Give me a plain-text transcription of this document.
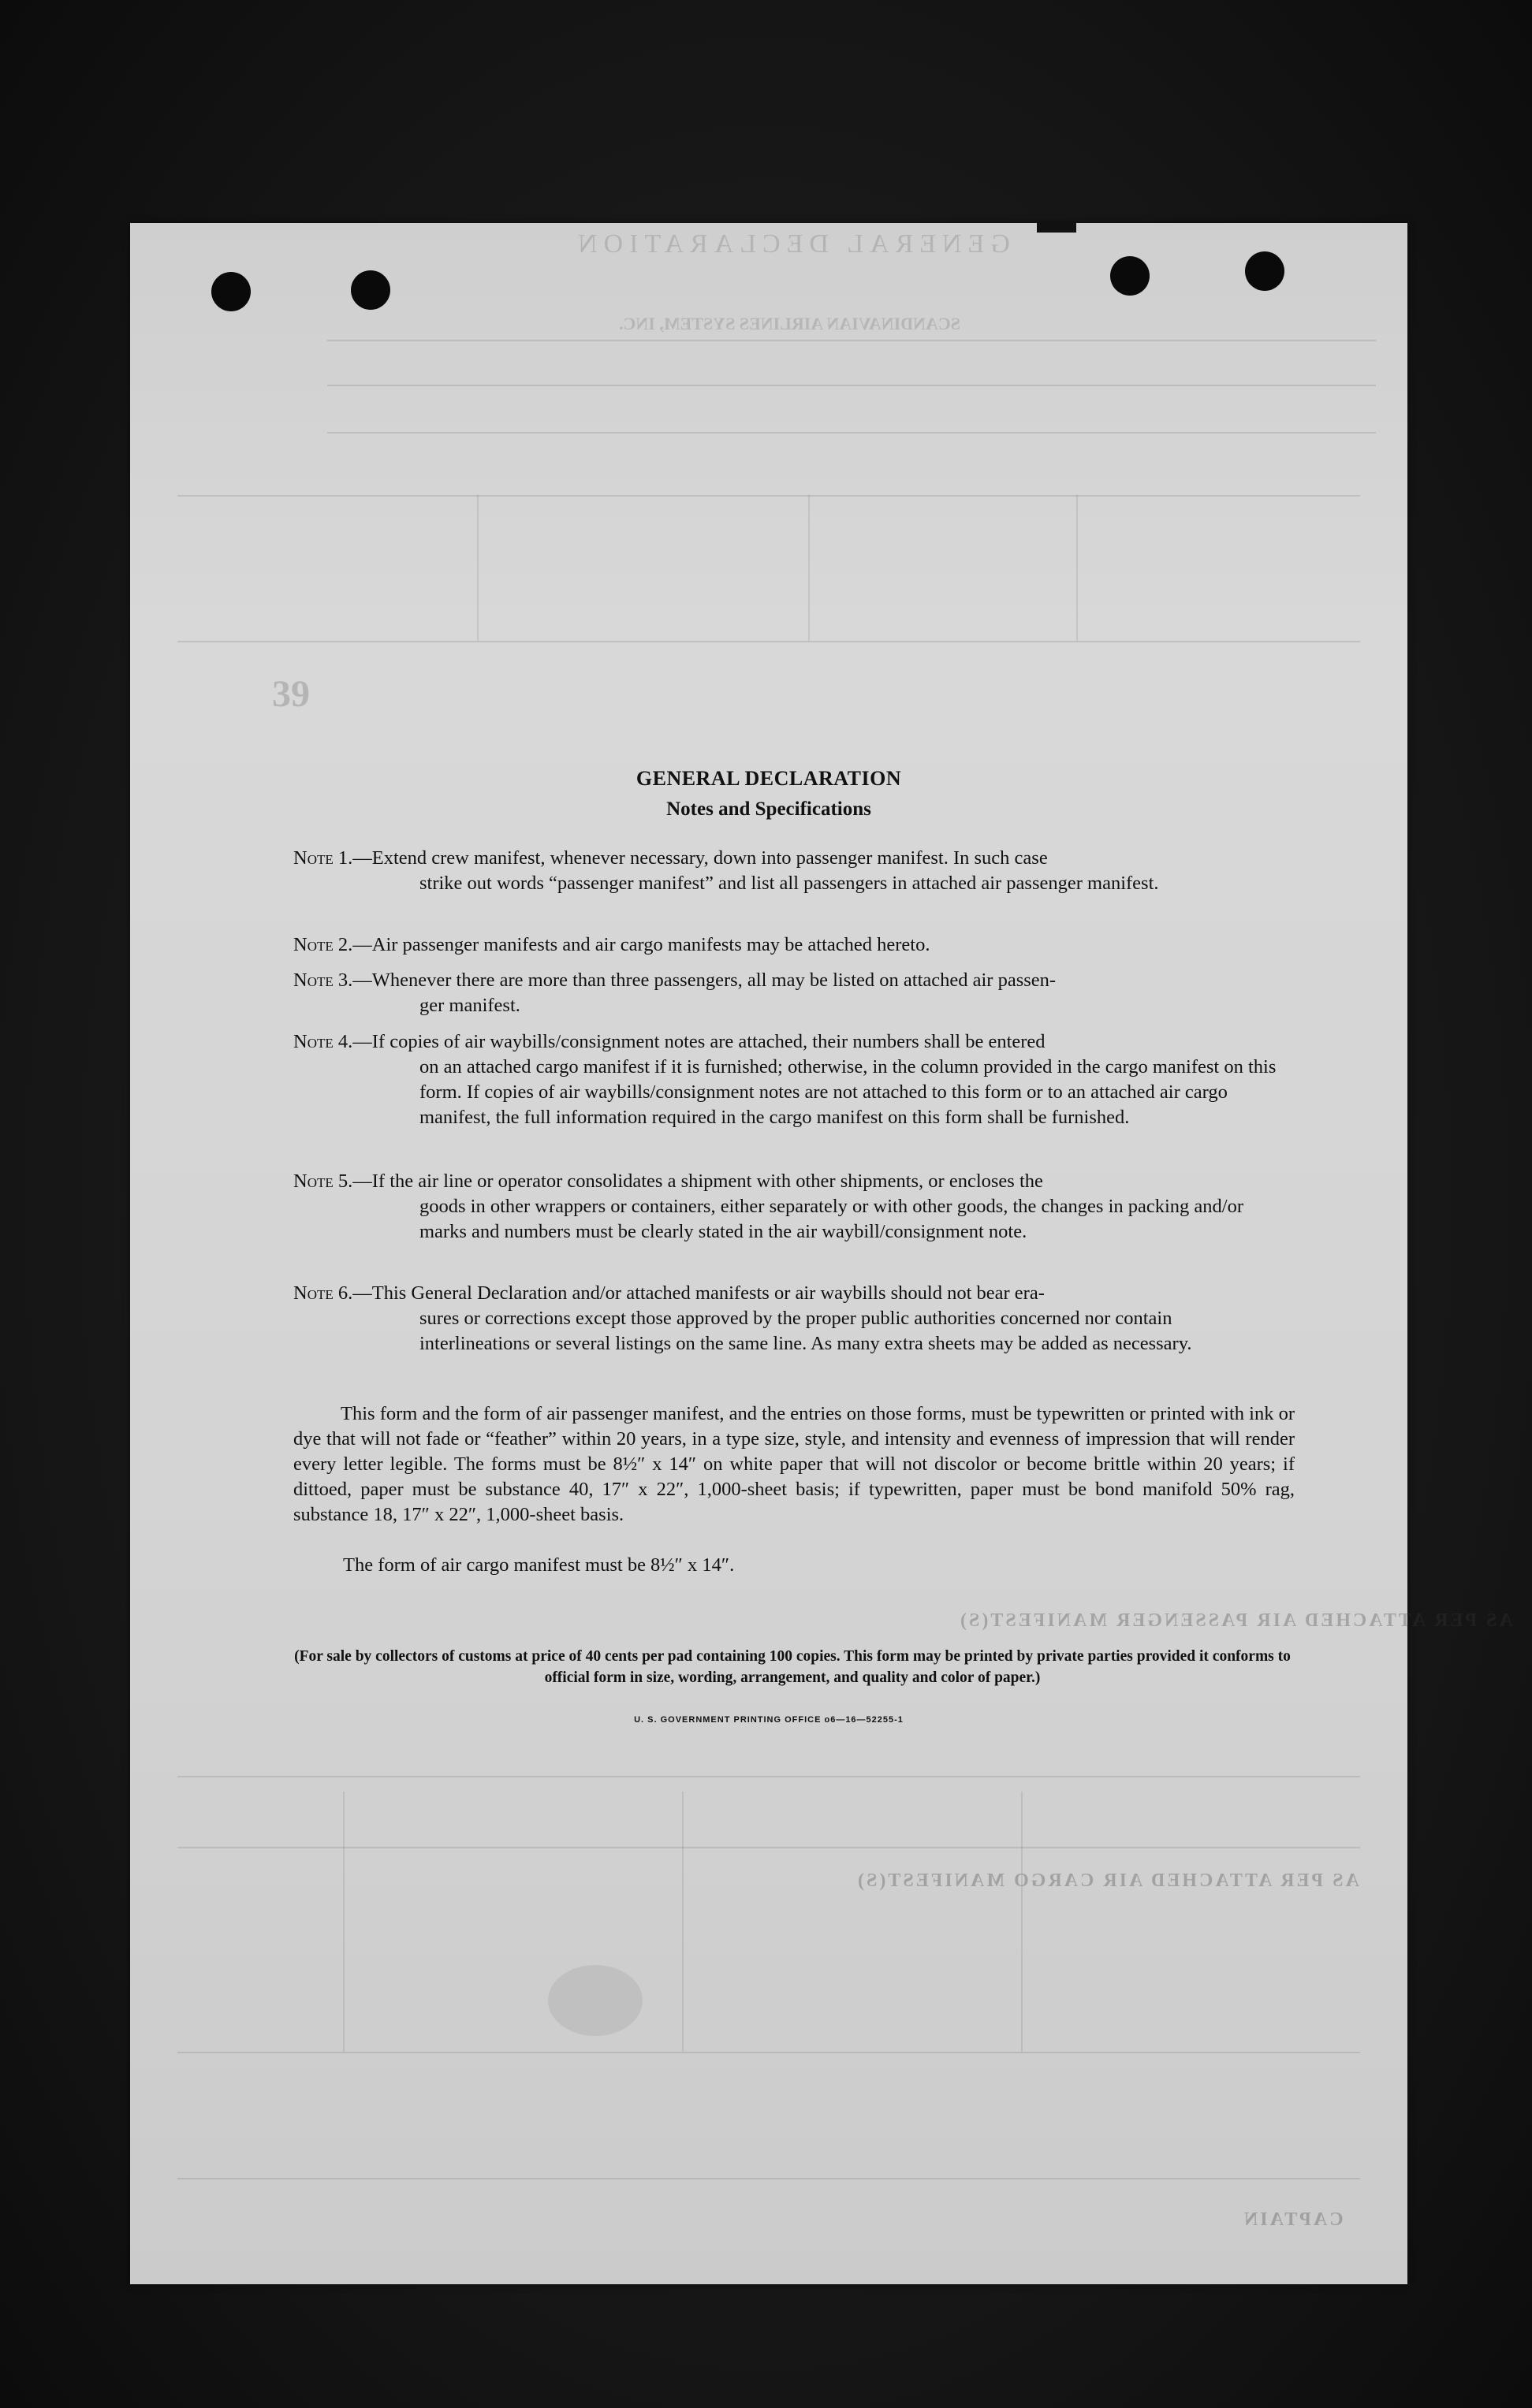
GENERAL DECLARATION
SCANDINAVIAN AIRLINES SYSTEM, INC.
39
AS PER ATTACHED AIR PASSENGER MANIFEST(S)
AS PER ATTACHED AIR CARGO MANIFEST(S)
CAPTAIN
GENERAL DECLARATION
Notes and Specifications
Note 1.—Extend crew manifest, whenever necessary, down into passenger manifest. In such case
strike out words “passenger manifest” and list all passengers in attached air passenger manifest.
Note 2.—Air passenger manifests and air cargo manifests may be attached hereto.
Note 3.—Whenever there are more than three passengers, all may be listed on attached air passen-
ger manifest.
Note 4.—If copies of air waybills/consignment notes are attached, their numbers shall be entered
on an attached cargo manifest if it is furnished; otherwise, in the column provided in the cargo manifest on this form. If copies of air waybills/consignment notes are not attached to this form or to an attached air cargo manifest, the full information required in the cargo manifest on this form shall be furnished.
Note 5.—If the air line or operator consolidates a shipment with other shipments, or encloses the
goods in other wrappers or containers, either separately or with other goods, the changes in packing and/or marks and numbers must be clearly stated in the air waybill/consignment note.
Note 6.—This General Declaration and/or attached manifests or air waybills should not bear era-
sures or corrections except those approved by the proper public authorities concerned nor contain interlineations or several listings on the same line. As many extra sheets may be added as necessary.
This form and the form of air passenger manifest, and the entries on those forms, must be typewritten or printed with ink or dye that will not fade or “feather” within 20 years, in a type size, style, and intensity and evenness of impression that will render every letter legible. The forms must be 8½″ x 14″ on white paper that will not discolor or become brittle within 20 years; if dittoed, paper must be substance 40, 17″ x 22″, 1,000-sheet basis; if typewritten, paper must be bond manifold 50% rag, substance 18, 17″ x 22″, 1,000-sheet basis.
The form of air cargo manifest must be 8½″ x 14″.
(For sale by collectors of customs at price of 40 cents per pad containing 100 copies. This form may be printed by private parties provided it conforms to official form in size, wording, arrangement, and quality and color of paper.)
U. S. GOVERNMENT PRINTING OFFICE o6—16—52255-1
